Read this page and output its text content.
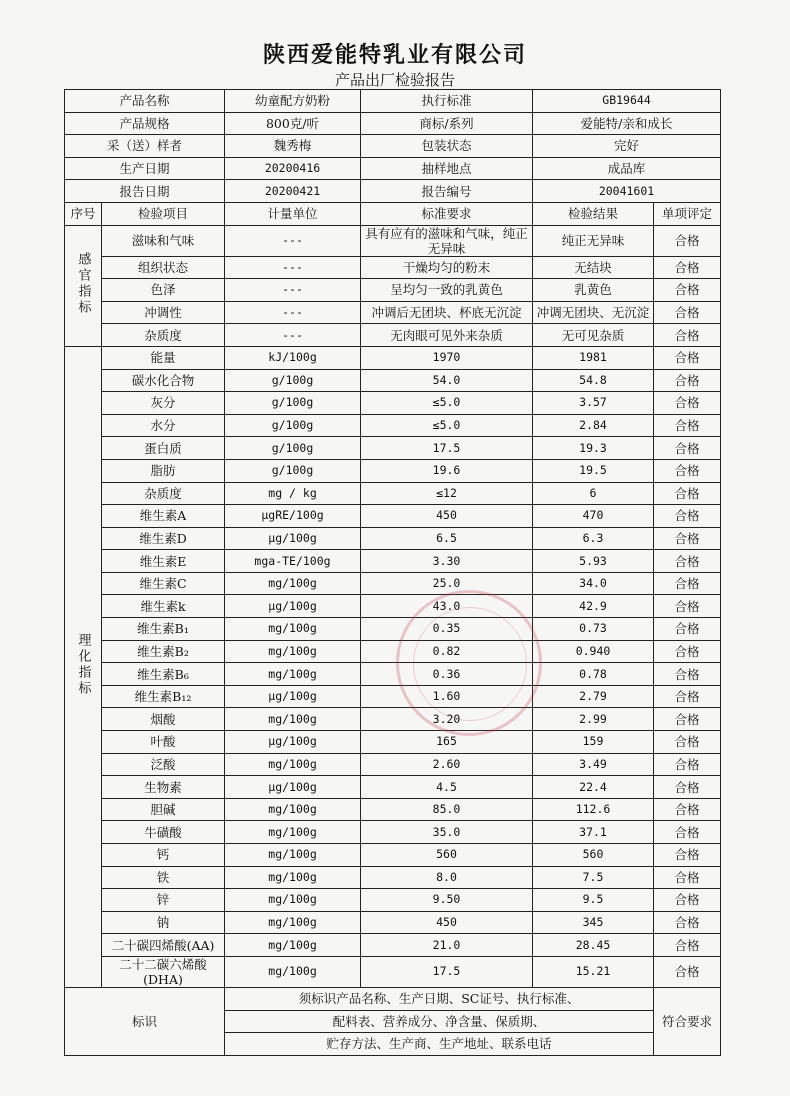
陕西爱能特乳业有限公司
产品出厂检验报告
产品名称		幼童配方奶粉	执行标准	GB19644		
产品规格		800克/听	商标/系列	爱能特/亲和成长		
采（送）样者		魏秀梅	包装状态	完好		
生产日期		20200416	抽样地点	成品库		
报告日期		20200421	报告编号	20041601		
序号	检验项目	计量单位	标准要求	检验结果	单项评定	
感官指标	滋味和气味	---	具有应有的滋味和气味，纯正无异味	纯正无异味	合格	
	组织状态	---	干燥均匀的粉末	无结块	合格	
	色泽	---	呈均匀一致的乳黄色	乳黄色	合格	
	冲调性	---	冲调后无团块、杯底无沉淀	冲调无团块、无沉淀	合格	
	杂质度	---	无肉眼可见外来杂质	无可见杂质	合格	
理化指标	能量	kJ/100g	1970	1981	合格	
	碳水化合物	g/100g	54.0	54.8	合格	
	灰分	g/100g	≤5.0	3.57	合格	
	水分	g/100g	≤5.0	2.84	合格	
	蛋白质	g/100g	17.5	19.3	合格	
	脂肪	g/100g	19.6	19.5	合格	
	杂质度	mg / kg	≤12	6	合格	
	维生素A	μgRE/100g	450	470	合格	
	维生素D	μg/100g	6.5	6.3	合格	
	维生素E	mga-TE/100g	3.30	5.93	合格	
	维生素C	mg/100g	25.0	34.0	合格	
	维生素k	μg/100g	43.0	42.9	合格	
	维生素B₁	mg/100g	0.35	0.73	合格	
	维生素B₂	mg/100g	0.82	0.940	合格	
	维生素B₆	mg/100g	0.36	0.78	合格	
	维生素B₁₂	μg/100g	1.60	2.79	合格	
	烟酸	mg/100g	3.20	2.99	合格	
	叶酸	μg/100g	165	159	合格	
	泛酸	mg/100g	2.60	3.49	合格	
	生物素	μg/100g	4.5	22.4	合格	
	胆碱	mg/100g	85.0	112.6	合格	
	牛磺酸	mg/100g	35.0	37.1	合格	
	钙	mg/100g	560	560	合格	
	铁	mg/100g	8.0	7.5	合格	
	锌	mg/100g	9.50	9.5	合格	
	钠	mg/100g	450	345	合格	
	二十碳四烯酸(AA)	mg/100g	21.0	28.45	合格	
	二十二碳六烯酸(DHA)	mg/100g	17.5	15.21	合格	
标识		须标识产品名称、生产日期、SC证号、执行标准、			符合要求	
		配料表、营养成分、净含量、保质期、				
		贮存方法、生产商、生产地址、联系电话				
